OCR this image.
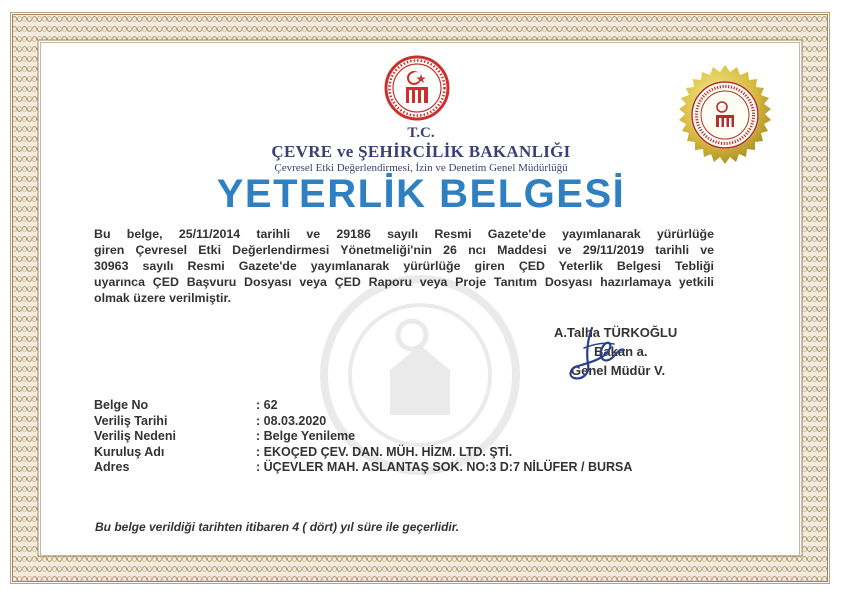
T.C.
ÇEVRE ve ŞEHİRCİLİK BAKANLIĞI
Çevresel Etki Değerlendirmesi, İzin ve Denetim Genel Müdürlüğü
YETERLİK BELGESİ
Bu belge, 25/11/2014 tarihli ve 29186 sayılı Resmi Gazete'de yayımlanarak yürürlüğe
giren Çevresel Etki Değerlendirmesi Yönetmeliği'nin 26 ncı Maddesi ve 29/11/2019 tarihli ve
30963 sayılı Resmi Gazete'de yayımlanarak yürürlüğe giren ÇED Yeterlik Belgesi Tebliği
uyarınca ÇED Başvuru Dosyası veya ÇED Raporu veya Proje Tanıtım Dosyası hazırlamaya yetkili
olmak üzere verilmiştir.
A.Talha TÜRKOĞLU
Bakan a.
Genel Müdür V.
Belge No	: 62
Veriliş Tarihi	: 08.03.2020
Veriliş Nedeni	: Belge Yenileme
Kuruluş Adı	: EKOÇED ÇEV. DAN. MÜH. HİZM. LTD. ŞTİ.
Adres	: ÜÇEVLER MAH. ASLANTAŞ SOK. NO:3 D:7 NİLÜFER / BURSA
Bu belge verildiği tarihten itibaren 4 ( dört) yıl süre ile geçerlidir.
